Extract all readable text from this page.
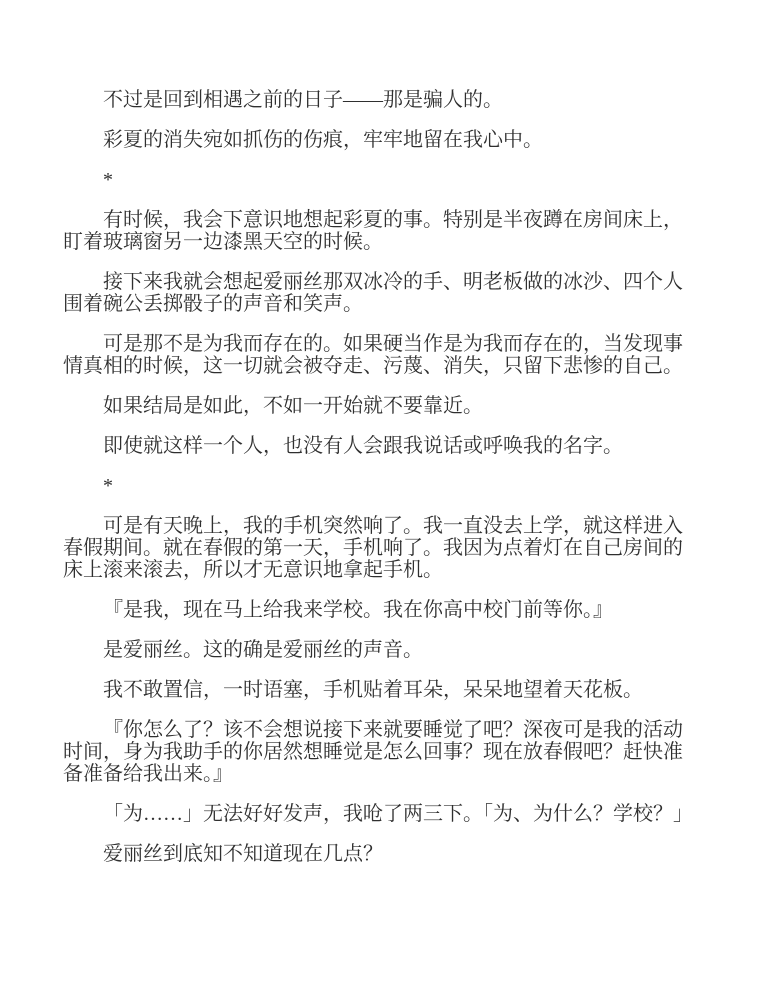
不过是回到相遇之前的日子——那是骗人的。

彩夏的消失宛如抓伤的伤痕，牢牢地留在我心中。

*

有时候，我会下意识地想起彩夏的事。特别是半夜蹲在房间床上，盯着玻璃窗另一边漆黑天空的时候。

接下来我就会想起爱丽丝那双冰冷的手、明老板做的冰沙、四个人围着碗公丢掷骰子的声音和笑声。

可是那不是为我而存在的。如果硬当作是为我而存在的，当发现事情真相的时候，这一切就会被夺走、污蔑、消失，只留下悲惨的自己。

如果结局是如此，不如一开始就不要靠近。

即使就这样一个人，也没有人会跟我说话或呼唤我的名字。

*

可是有天晚上，我的手机突然响了。我一直没去上学，就这样进入春假期间。就在春假的第一天，手机响了。我因为点着灯在自己房间的床上滚来滚去，所以才无意识地拿起手机。

『是我，现在马上给我来学校。我在你高中校门前等你。』

是爱丽丝。这的确是爱丽丝的声音。

我不敢置信，一时语塞，手机贴着耳朵，呆呆地望着天花板。

『你怎么了？该不会想说接下来就要睡觉了吧？深夜可是我的活动时间，身为我助手的你居然想睡觉是怎么回事？现在放春假吧？赶快准备准备给我出来。』

「为……」无法好好发声，我呛了两三下。「为、为什么？学校？」

爱丽丝到底知不知道现在几点？
